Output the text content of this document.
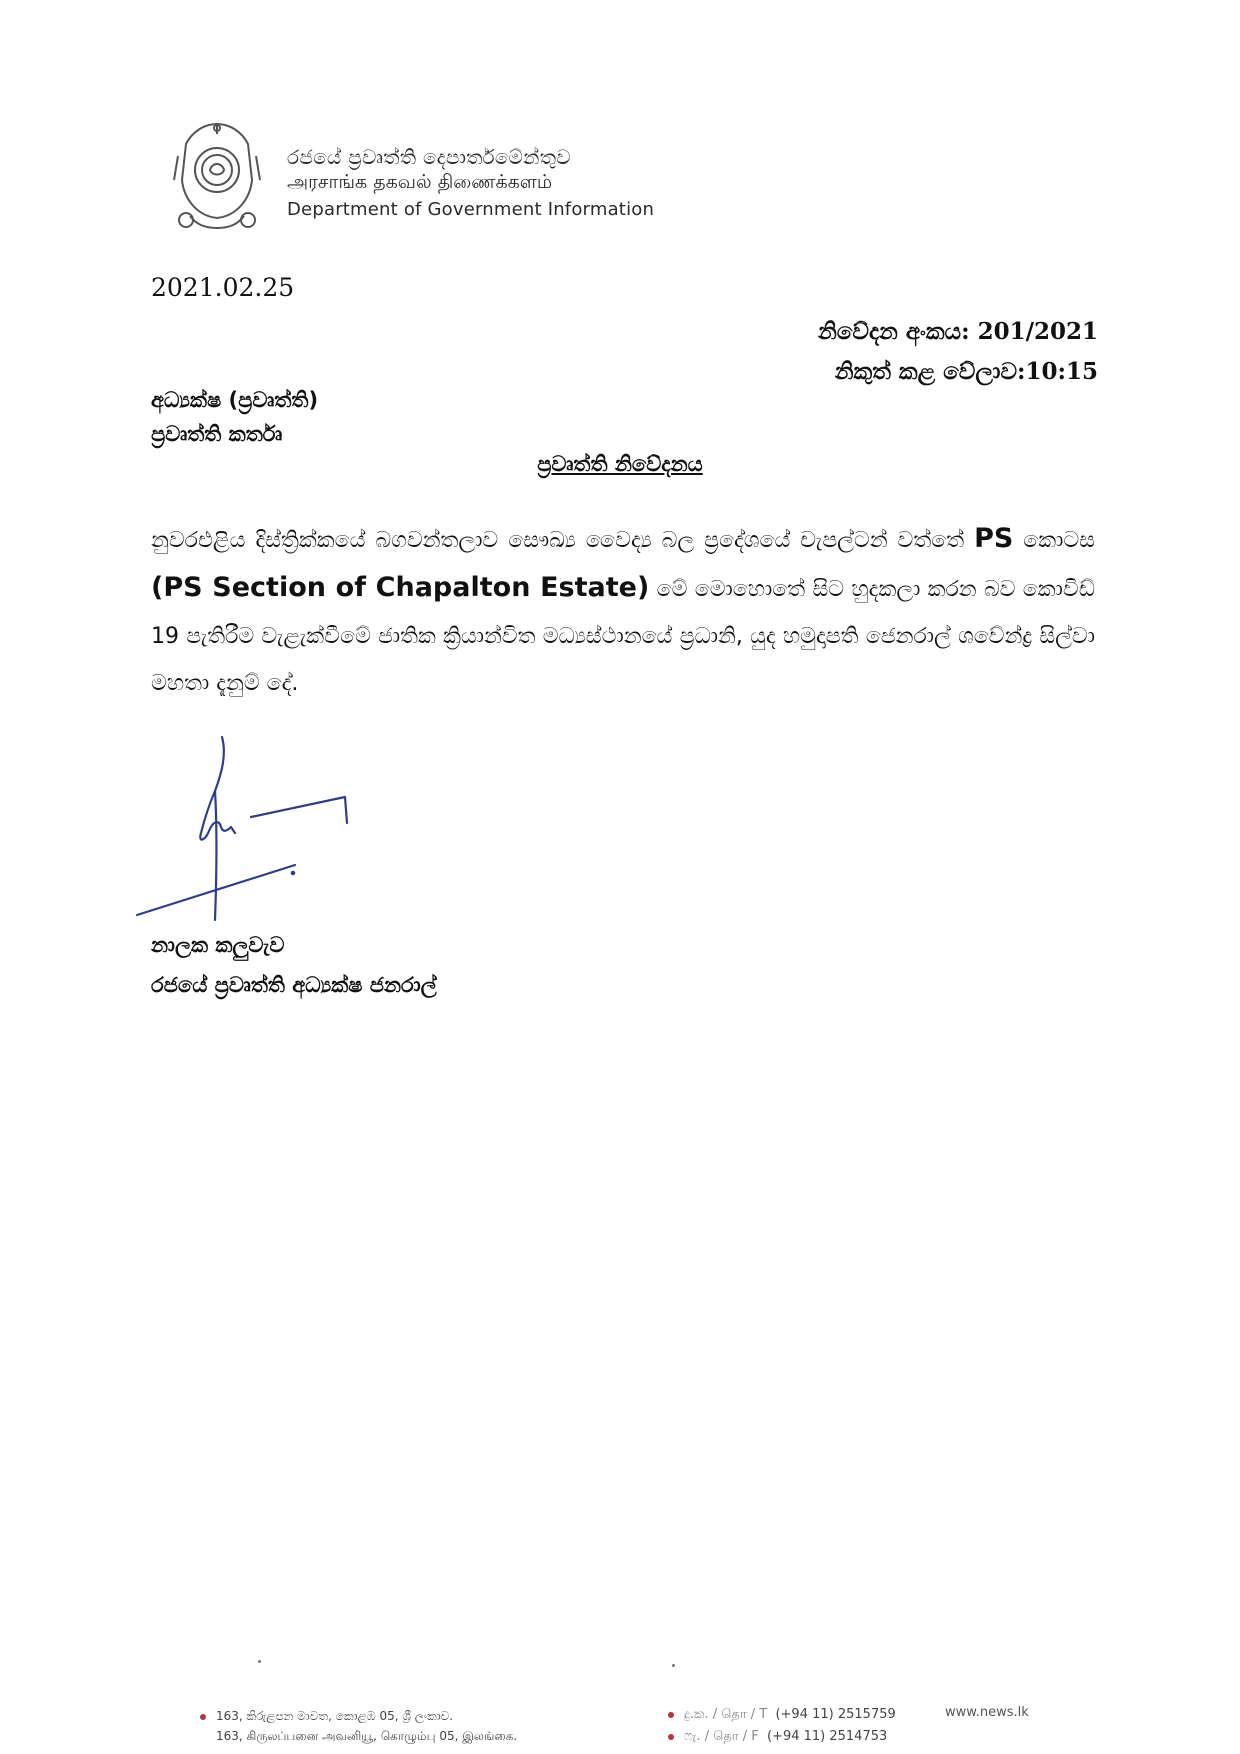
රජයේ ප්‍රවෘත්ති දෙපාර්තමේන්තුව
அரசாங்க தகவல் திணைக்களம்
Department of Government Information
2021.02.25
නිවේදන අංකය: 201/2021
නිකුත් කළ වේලාව:10:15
අධ්‍යක්ෂ (ප්‍රවෘත්ති)
ප්‍රවෘත්ති කර්තෘ
ප්‍රවෘත්ති නිවේදනය
නුවරඑළිය දිස්ත්‍රික්කයේ බගවන්තලාව සෞඛ්‍ය වෛද්‍ය බල ප්‍රදේශයේ චැපල්ටන් වත්තේ PS කොටස (PS Section of Chapalton Estate) මේ මොහොතේ සිට හුදකලා කරන බව කොවිඩ් 19 පැතිරීම වැළැක්වීමේ ජාතික ක්‍රියාන්විත මධ්‍යස්ථානයේ ප්‍රධානි, යුද හමුදාපති ජෙනරාල් ශවේන්ද්‍ර සිල්වා මහතා දැනුම් දේ.
නාලක කලුවැව
රජයේ ප්‍රවෘත්ති අධ්‍යක්ෂ ජනරාල්
163, කිරුළපන මාවත, කොළඹ 05, ශ්‍රී ලංකාව.
163, கிருலப்பனை அவனியூ, கொழும்பு 05, இலங்கை.
දු.ක. / தொ / T (+94 11) 2515759
ෆැ. / தொ / F (+94 11) 2514753
www.news.lk
